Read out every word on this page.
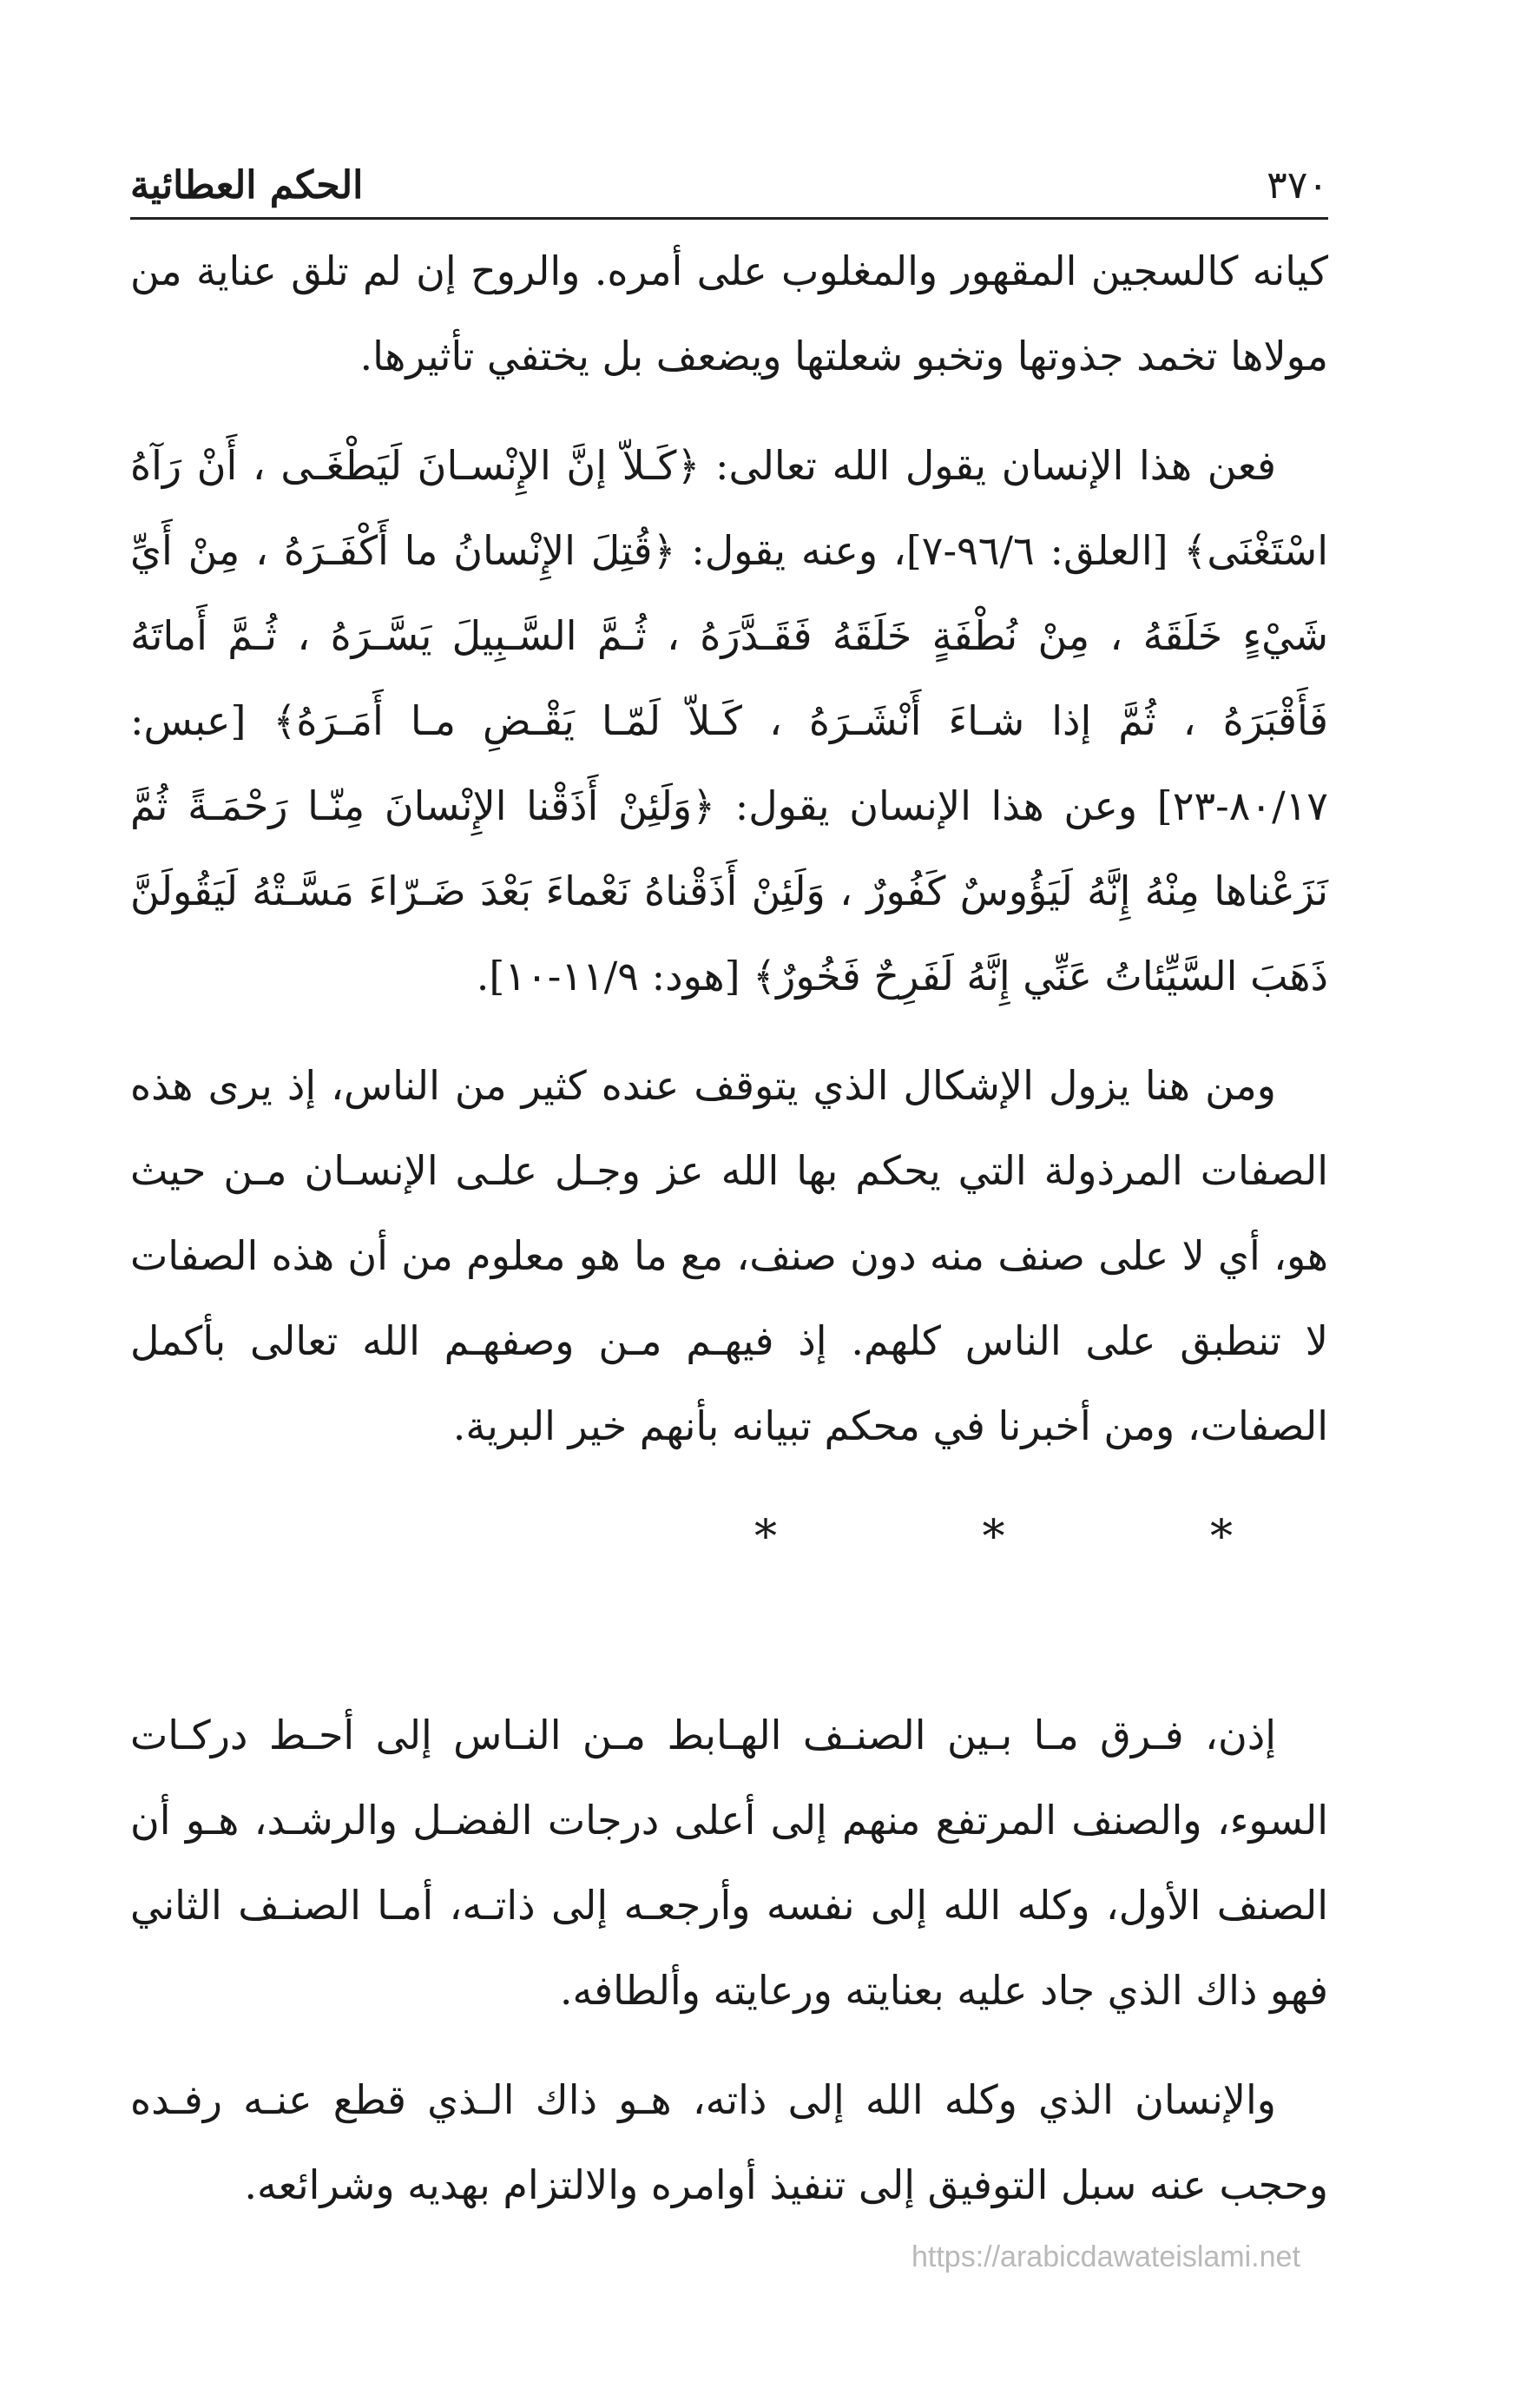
٣٧٠
الحكم العطائية

كيانه كالسجين المقهور والمغلوب على أمره. والروح إن لم تلق عناية من مولاها تخمد جذوتها وتخبو شعلتها ويضعف بل يختفي تأثيرها.

فعن هذا الإنسان يقول الله تعالى: ﴿كَـلاّ إنَّ الإِنْسـانَ لَيَطْغَـى ، أَنْ رَآهُ اسْتَغْنَى﴾ [العلق: ٩٦/٦-٧]، وعنه يقول: ﴿قُتِلَ الإِنْسانُ ما أَكْفَـرَهُ ، مِنْ أَيِّ شَيْءٍ خَلَقَهُ ، مِنْ نُطْفَةٍ خَلَقَهُ فَقَـدَّرَهُ ، ثُـمَّ السَّـبِيلَ يَسَّـرَهُ ، ثُـمَّ أَماتَهُ فَأَقْبَرَهُ ، ثُمَّ إذا شـاءَ أَنْشَـرَهُ ، كَـلاّ لَمّـا يَقْـضِ مـا أَمَـرَهُ﴾ [عبس: ٨٠/١٧-٢٣] وعن هذا الإنسان يقول: ﴿وَلَئِنْ أَذَقْنا الإِنْسانَ مِنّـا رَحْمَـةً ثُمَّ نَزَعْناها مِنْهُ إِنَّهُ لَيَؤُوسٌ كَفُورٌ ، وَلَئِنْ أَذَقْناهُ نَعْماءَ بَعْدَ ضَـرّاءَ مَسَّـتْهُ لَيَقُولَنَّ ذَهَبَ السَّيِّئاتُ عَنِّي إِنَّهُ لَفَرِحٌ فَخُورٌ﴾ [هود: ١١/٩-١٠].

ومن هنا يزول الإشكال الذي يتوقف عنده كثير من الناس، إذ يرى هذه الصفات المرذولة التي يحكم بها الله عز وجـل علـى الإنسـان مـن حيث هو، أي لا على صنف منه دون صنف، مع ما هو معلوم من أن هذه الصفات لا تنطبق على الناس كلهم. إذ فيهـم مـن وصفهـم الله تعالى بأكمل الصفات، ومن أخبرنا في محكم تبيانه بأنهم خير البرية.

* * *

إذن، فـرق مـا بـين الصنـف الهـابط مـن النـاس إلى أحـط دركـات السوء، والصنف المرتفع منهم إلى أعلى درجات الفضـل والرشـد، هـو أن الصنف الأول، وكله الله إلى نفسه وأرجعـه إلى ذاتـه، أمـا الصنـف الثاني فهو ذاك الذي جاد عليه بعنايته ورعايته وألطافه.

والإنسان الذي وكله الله إلى ذاته، هـو ذاك الـذي قطع عنـه رفـده وحجب عنه سبل التوفيق إلى تنفيذ أوامره والالتزام بهديه وشرائعه.

https://arabicdawateislami.net
